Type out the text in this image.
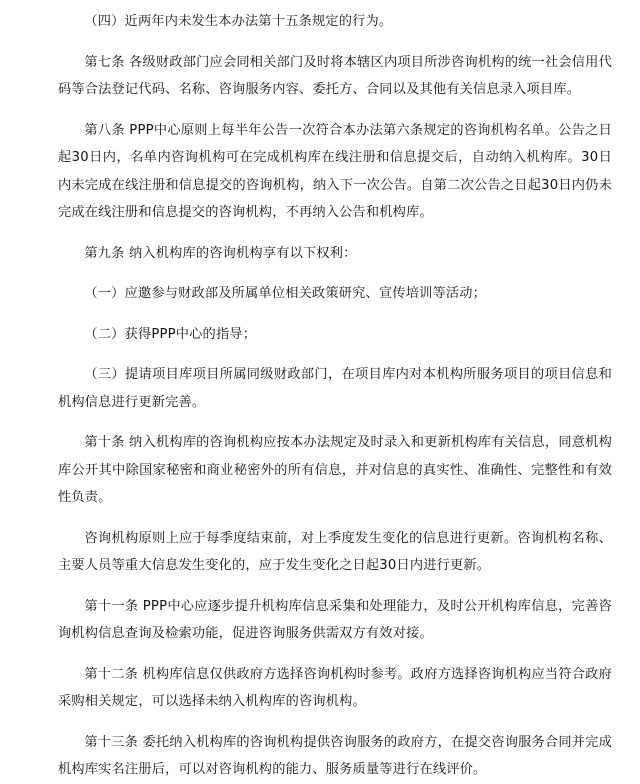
（四）近两年内未发生本办法第十五条规定的行为。

第七条 各级财政部门应会同相关部门及时将本辖区内项目所涉咨询机构的统一社会信用代码等合法登记代码、名称、咨询服务内容、委托方、合同以及其他有关信息录入项目库。

第八条 PPP中心原则上每半年公告一次符合本办法第六条规定的咨询机构名单。公告之日起30日内，名单内咨询机构可在完成机构库在线注册和信息提交后，自动纳入机构库。30日内未完成在线注册和信息提交的咨询机构，纳入下一次公告。自第二次公告之日起30日内仍未完成在线注册和信息提交的咨询机构，不再纳入公告和机构库。

第九条 纳入机构库的咨询机构享有以下权利：

（一）应邀参与财政部及所属单位相关政策研究、宣传培训等活动；

（二）获得PPP中心的指导；

（三）提请项目库项目所属同级财政部门，在项目库内对本机构所服务项目的项目信息和机构信息进行更新完善。

第十条 纳入机构库的咨询机构应按本办法规定及时录入和更新机构库有关信息，同意机构库公开其中除国家秘密和商业秘密外的所有信息，并对信息的真实性、准确性、完整性和有效性负责。

咨询机构原则上应于每季度结束前，对上季度发生变化的信息进行更新。咨询机构名称、主要人员等重大信息发生变化的，应于发生变化之日起30日内进行更新。

第十一条 PPP中心应逐步提升机构库信息采集和处理能力，及时公开机构库信息，完善咨询机构信息查询及检索功能，促进咨询服务供需双方有效对接。

第十二条 机构库信息仅供政府方选择咨询机构时参考。政府方选择咨询机构应当符合政府采购相关规定，可以选择未纳入机构库的咨询机构。

第十三条 委托纳入机构库的咨询机构提供咨询服务的政府方，在提交咨询服务合同并完成机构库实名注册后，可以对咨询机构的能力、服务质量等进行在线评价。
